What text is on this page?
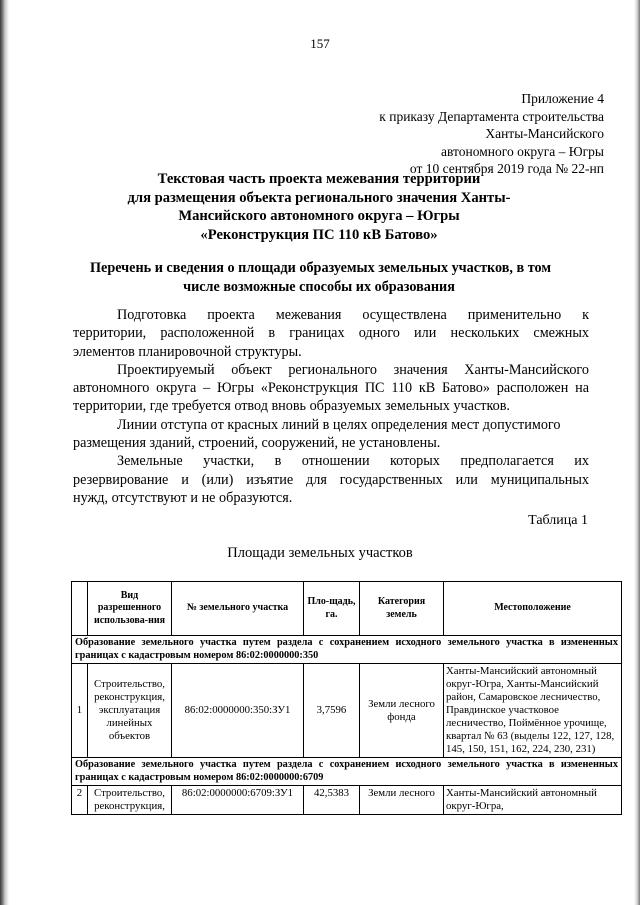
157
Приложение 4
к приказу Департамента строительства
Ханты-Мансийского
автономного округа – Югры
от 10 сентября 2019 года № 22-нп
Текстовая часть проекта межевания территории
для размещения объекта регионального значения Ханты-
Мансийского автономного округа – Югры
«Реконструкция ПС 110 кВ Батово»
Перечень и сведения о площади образуемых земельных участков, в том
числе возможные способы их образования
Подготовка проекта межевания осуществлена применительно к
территории, расположенной в границах одного или нескольких смежных
элементов планировочной структуры.
Проектируемый объект регионального значения Ханты-Мансийского
автономного округа – Югры «Реконструкция ПС 110 кВ Батово» расположен на
территории, где требуется отвод вновь образуемых земельных участков.
Линии отступа от красных линий в целях определения мест допустимого
размещения зданий, строений, сооружений, не установлены.
Земельные участки, в отношении которых предполагается их
резервирование и (или) изъятие для государственных или муниципальных
нужд, отсутствуют и не образуются.
Таблица 1
Площади земельных участков
	Вид разрешенного использова-ния	№ земельного участка	Пло-щадь, га.	Категория земель	Местоположение
Образование земельного участка путем раздела с сохранением исходного земельного участка в измененных границах с кадастровым номером 86:02:0000000:350					
1	Строительство, реконструкция, эксплуатация линейных объектов	86:02:0000000:350:ЗУ1	3,7596	Земли лесного фонда	Ханты-Мансийский автономный округ-Югра, Ханты-Мансийский район, Самаровское лесничество, Правдинское участковое лесничество, Поймённое урочище, квартал № 63 (выделы 122, 127, 128, 145, 150, 151, 162, 224, 230, 231)
Образование земельного участка путем раздела с сохранением исходного земельного участка в измененных границах с кадастровым номером 86:02:0000000:6709					
2	Строительство, реконструкция,	86:02:0000000:6709:ЗУ1	42,5383	Земли лесного	Ханты-Мансийский автономный округ-Югра,
